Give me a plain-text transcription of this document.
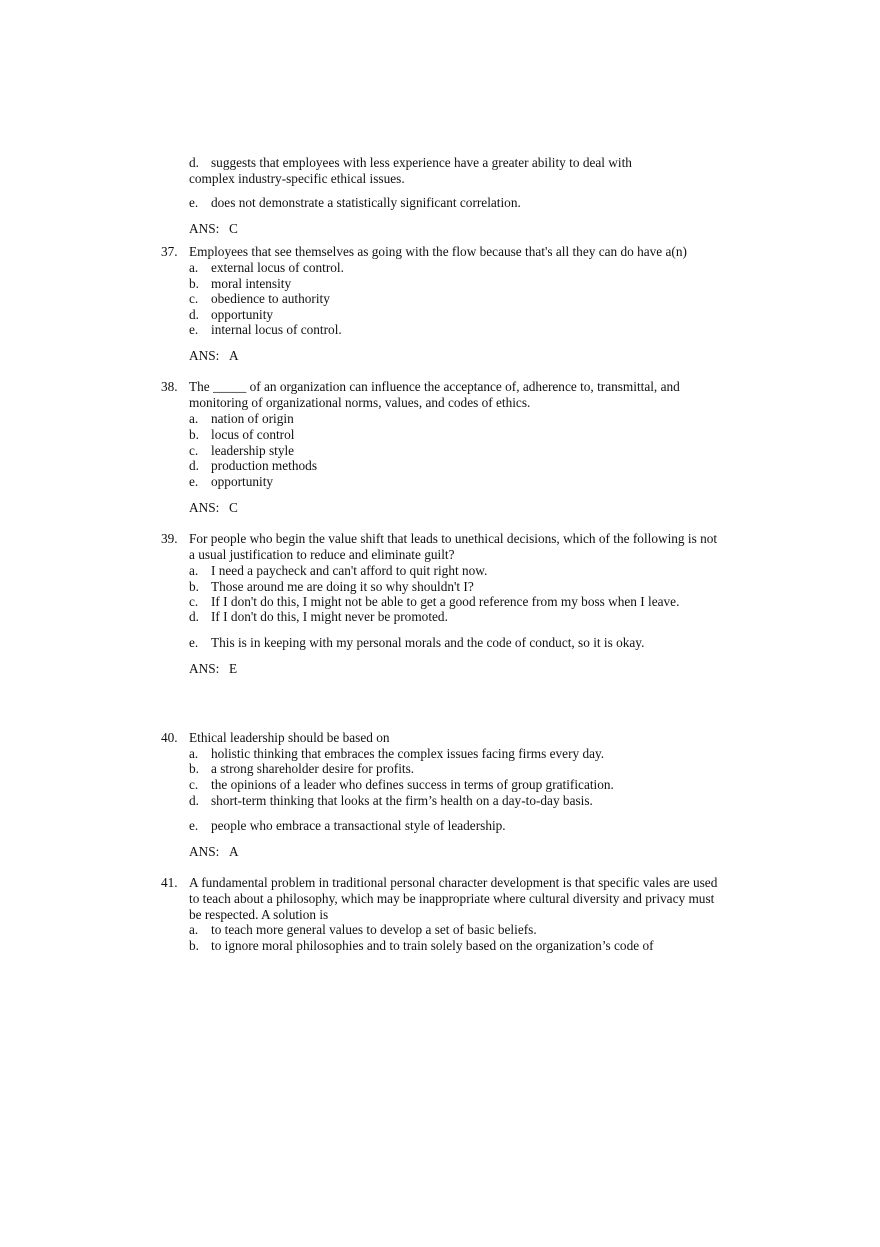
d. suggests that employees with less experience have a greater ability to deal with
complex industry-specific ethical issues.
e. does not demonstrate a statistically significant correlation.
ANS: C
37. Employees that see themselves as going with the flow because that's all they can do have a(n)
a. external locus of control.
b. moral intensity
c. obedience to authority
d. opportunity
e. internal locus of control.
ANS: A
38. The _____ of an organization can influence the acceptance of, adherence to, transmittal, and
monitoring of organizational norms, values, and codes of ethics.
a. nation of origin
b. locus of control
c. leadership style
d. production methods
e. opportunity
ANS: C
39. For people who begin the value shift that leads to unethical decisions, which of the following is not
a usual justification to reduce and eliminate guilt?
a. I need a paycheck and can't afford to quit right now.
b. Those around me are doing it so why shouldn't I?
c. If I don't do this, I might not be able to get a good reference from my boss when I leave.
d. If I don't do this, I might never be promoted.
e. This is in keeping with my personal morals and the code of conduct, so it is okay.
ANS: E
40. Ethical leadership should be based on
a. holistic thinking that embraces the complex issues facing firms every day.
b. a strong shareholder desire for profits.
c. the opinions of a leader who defines success in terms of group gratification.
d. short-term thinking that looks at the firm’s health on a day-to-day basis.
e. people who embrace a transactional style of leadership.
ANS: A
41. A fundamental problem in traditional personal character development is that specific vales are used
to teach about a philosophy, which may be inappropriate where cultural diversity and privacy must
be respected. A solution is
a. to teach more general values to develop a set of basic beliefs.
b. to ignore moral philosophies and to train solely based on the organization’s code of
